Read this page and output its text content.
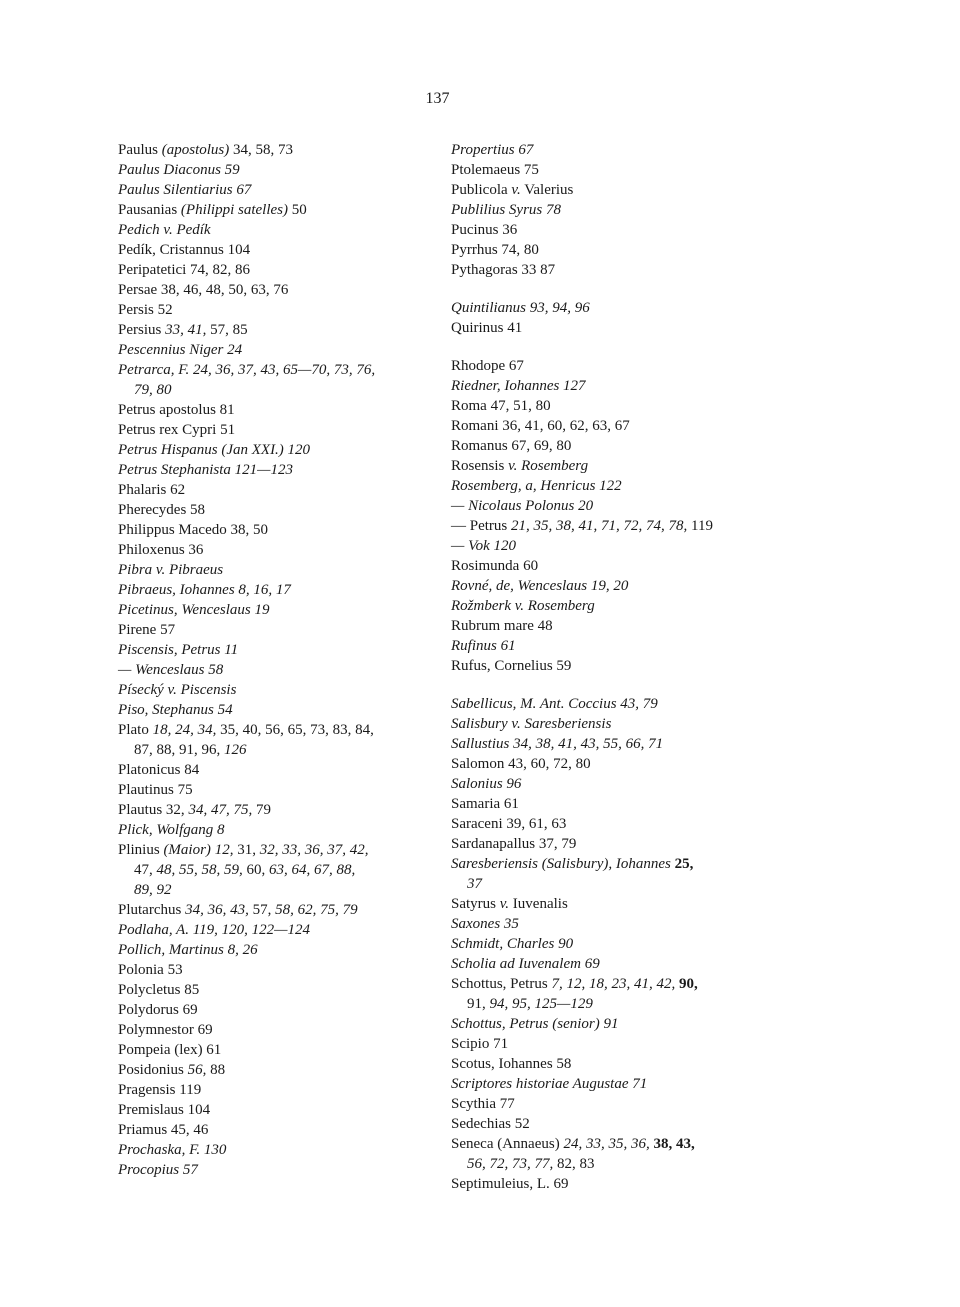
137
Paulus (apostolus) 34, 58, 73
Paulus Diaconus 59
Paulus Silentiarius 67
Pausanias (Philippi satelles) 50
Pedich v. Pedík
Pedík, Cristannus 104
Peripatetici 74, 82, 86
Persae 38, 46, 48, 50, 63, 76
Persis 52
Persius 33, 41, 57, 85
Pescennius Niger 24
Petrarca, F. 24, 36, 37, 43, 65—70, 73, 76,
79, 80
Petrus apostolus 81
Petrus rex Cypri 51
Petrus Hispanus (Jan XXI.) 120
Petrus Stephanista 121—123
Phalaris 62
Pherecydes 58
Philippus Macedo 38, 50
Philoxenus 36
Pibra v. Pibraeus
Pibraeus, Iohannes 8, 16, 17
Picetinus, Wenceslaus 19
Pirene 57
Piscensis, Petrus 11
— Wenceslaus 58
Písecký v. Piscensis
Piso, Stephanus 54
Plato 18, 24, 34, 35, 40, 56, 65, 73, 83, 84,
87, 88, 91, 96, 126
Platonicus 84
Plautinus 75
Plautus 32, 34, 47, 75, 79
Plick, Wolfgang 8
Plinius (Maior) 12, 31, 32, 33, 36, 37, 42,
47, 48, 55, 58, 59, 60, 63, 64, 67, 88,
89, 92
Plutarchus 34, 36, 43, 57, 58, 62, 75, 79
Podlaha, A. 119, 120, 122—124
Pollich, Martinus 8, 26
Polonia 53
Polycletus 85
Polydorus 69
Polymnestor 69
Pompeia (lex) 61
Posidonius 56, 88
Pragensis 119
Premislaus 104
Priamus 45, 46
Prochaska, F. 130
Procopius 57
Propertius 67
Ptolemaeus 75
Publicola v. Valerius
Publilius Syrus 78
Pucinus 36
Pyrrhus 74, 80
Pythagoras 33 87
Quintilianus 93, 94, 96
Quirinus 41
Rhodope 67
Riedner, Iohannes 127
Roma 47, 51, 80
Romani 36, 41, 60, 62, 63, 67
Romanus 67, 69, 80
Rosensis v. Rosemberg
Rosemberg, a, Henricus 122
— Nicolaus Polonus 20
— Petrus 21, 35, 38, 41, 71, 72, 74, 78, 119
— Vok 120
Rosimunda 60
Rovné, de, Wenceslaus 19, 20
Rožmberk v. Rosemberg
Rubrum mare 48
Rufinus 61
Rufus, Cornelius 59
Sabellicus, M. Ant. Coccius 43, 79
Salisbury v. Saresberiensis
Sallustius 34, 38, 41, 43, 55, 66, 71
Salomon 43, 60, 72, 80
Salonius 96
Samaria 61
Saraceni 39, 61, 63
Sardanapallus 37, 79
Saresberiensis (Salisbury), Iohannes 25,
37
Satyrus v. Iuvenalis
Saxones 35
Schmidt, Charles 90
Scholia ad Iuvenalem 69
Schottus, Petrus 7, 12, 18, 23, 41, 42, 90,
91, 94, 95, 125—129
Schottus, Petrus (senior) 91
Scipio 71
Scotus, Iohannes 58
Scriptores historiae Augustae 71
Scythia 77
Sedechias 52
Seneca (Annaeus) 24, 33, 35, 36, 38, 43,
56, 72, 73, 77, 82, 83
Septimuleius, L. 69
